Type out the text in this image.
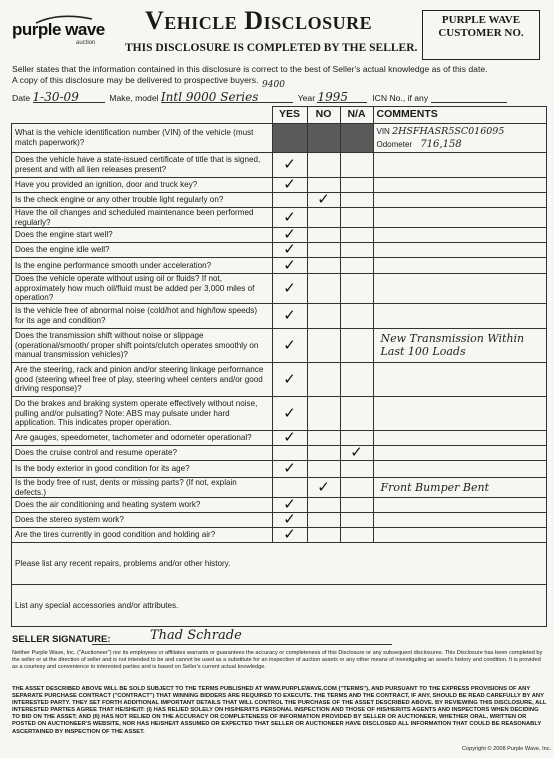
purple wave
auction
Vehicle Disclosure
THIS DISCLOSURE IS COMPLETED BY THE SELLER.
PURPLE WAVE
CUSTOMER NO.
Seller states that the information contained in this disclosure is correct to the best of Seller's actual knowledge as of this date.
A copy of this disclosure may be delivered to prospective buyers.
Date 1-30-09	Make, model Intl 9000 Series
9400
Year 1995	ICN No., if any
	YES	NO	N/A	COMMENTS
What is the vehicle identification number (VIN) of the vehicle (must match paperwork)?				VIN 2HSFHASR5SC016095
Odometer 716,158

Does the vehicle have a state-issued certificate of title that is signed, present and with all lien releases present?	✓			
Have you provided an ignition, door and truck key?	✓			
Is the check engine or any other trouble light regularly on?		✓		
Have the oil changes and scheduled maintenance been performed regularly?	✓			
Does the engine start well?	✓			
Does the engine idle well?	✓			
Is the engine performance smooth under acceleration?	✓			
Does the vehicle operate without using oil or fluids? If not, approximately how much oil/fluid must be added per 3,000 miles of operation?	✓			
Is the vehicle free of abnormal noise (cold/hot and high/low speeds) for its age and condition?	✓			
Does the transmission shift without noise or slippage (operational/smooth/ proper shift points/clutch operates smoothly on manual transmission vehicles)?	✓			New Transmission Within Last 100 Loads

Are the steering, rack and pinion and/or steering linkage performance good (steering wheel free of play, steering wheel centers and/or good driving response)?	✓			
Do the brakes and braking system operate effectively without noise, pulling and/or pulsating? Note: ABS may pulsate under hard application. This indicates proper operation.	✓			
Are gauges, speedometer, tachometer and odometer operational?	✓			
Does the cruise control and resume operate?			✓	
Is the body exterior in good condition for its age?	✓			
Is the body free of rust, dents or missing parts? (If not, explain defects.)		✓		Front Bumper Bent

Does the air conditioning and heating system work?	✓			
Does the stereo system work?	✓			
Are the tires currently in good condition and holding air?	✓			
Please list any recent repairs, problems and/or other history.				
List any special accessories and/or attributes.				
SELLER SIGNATURE:	Thad Schrade
Neither Purple Wave, Inc. ("Auctioneer") nor its employees or affiliates warrants or guarantees the accuracy or completeness of this Disclosure or any subsequent disclosures. This Disclosure has been completed by the seller or at the direction of seller and is not intended to be and cannot be used as a substitute for an inspection of auction assets or any other means of investigating an asset's history and condition. It is provided as a courtesy and convenience to interested parties and is based on Seller's current actual knowledge.
THE ASSET DESCRIBED ABOVE WILL BE SOLD SUBJECT TO THE TERMS PUBLISHED AT WWW.PURPLEWAVE.COM ("TERMS"), AND PURSUANT TO THE EXPRESS PROVISIONS OF ANY SEPARATE PURCHASE CONTRACT ("CONTRACT") THAT WINNING BIDDERS ARE REQUIRED TO EXECUTE. THE TERMS AND THE CONTRACT, IF ANY, SHOULD BE READ CAREFULLY BY ANY INTERESTED PARTY. THEY SET FORTH ADDITIONAL IMPORTANT DETAILS THAT WILL CONTROL THE PURCHASE OF THE ASSET DESCRIBED ABOVE. BY REVIEWING THIS DISCLOSURE, ALL INTERESTED PARTIES AGREE THAT HE/SHE/IT: (I) HAS RELIED SOLELY ON HIS/HER/ITS PERSONAL INSPECTION AND THOSE OF HIS/HER/ITS AGENTS AND INSPECTORS WHEN DECIDING TO BID ON THE ASSET; AND (II) HAS NOT RELIED ON THE ACCURACY OR COMPLETENESS OF INFORMATION PROVIDED BY SELLER OR AUCTIONEER, WHETHER ORAL, WRITTEN OR POSTED ON AUCTIONEER'S WEBSITE, NOR HAS HE/SHE/IT ASSUMED OR EXPECTED THAT SELLER OR AUCTIONEER HAVE DISCLOSED ALL INFORMATION THAT COULD BE REASONABLY ASCERTAINED BY INSPECTION OF THE ASSET.
Copyright © 2008 Purple Wave, Inc.
